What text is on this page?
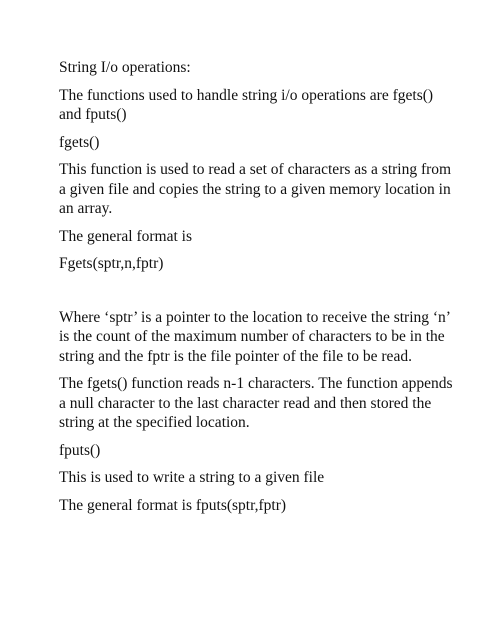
String I/o operations:

The functions used to handle string i/o operations are fgets() and fputs()

fgets()

This function is used to read a set of characters as a string from a given file and copies the string to a given memory location in an array.

The general format is

Fgets(sptr,n,fptr)

Where ‘sptr’ is a pointer to the location to receive the string ‘n’ is the count of the maximum number of characters to be in the string and the fptr is the file pointer of the file to be read.

The fgets() function reads n-1 characters. The function appends a null character to the last character read and then stored the string at the specified location.

fputs()

This is used to write a string to a given file

The general format is fputs(sptr,fptr)
